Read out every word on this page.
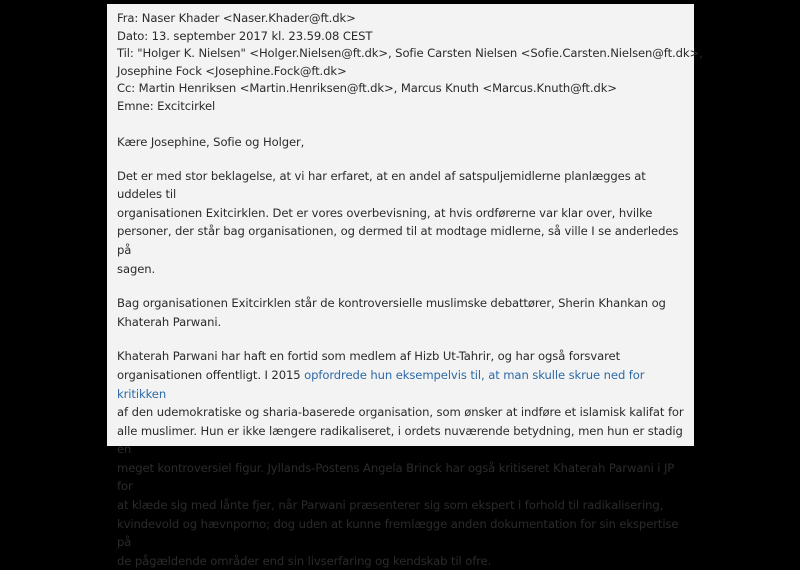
Fra: Naser Khader <Naser.Khader@ft.dk>
Dato: 13. september 2017 kl. 23.59.08 CEST
Til: "Holger K. Nielsen" <Holger.Nielsen@ft.dk>, Sofie Carsten Nielsen <Sofie.Carsten.Nielsen@ft.dk>,
Josephine Fock <Josephine.Fock@ft.dk>
Cc: Martin Henriksen <Martin.Henriksen@ft.dk>, Marcus Knuth <Marcus.Knuth@ft.dk>
Emne: Excitcirkel
Kære Josephine, Sofie og Holger,
Det er med stor beklagelse, at vi har erfaret, at en andel af satspuljemidlerne planlægges at uddeles til
organisationen Exitcirklen. Det er vores overbevisning, at hvis ordførerne var klar over, hvilke
personer, der står bag organisationen, og dermed til at modtage midlerne, så ville I se anderledes på
sagen.
Bag organisationen Exitcirklen står de kontroversielle muslimske debattører, Sherin Khankan og
Khaterah Parwani.
Khaterah Parwani har haft en fortid som medlem af Hizb Ut-Tahrir, og har også forsvaret
organisationen offentligt. I 2015 opfordrede hun eksempelvis til, at man skulle skrue ned for kritikken
af den udemokratiske og sharia-baserede organisation, som ønsker at indføre et islamisk kalifat for
alle muslimer. Hun er ikke længere radikaliseret, i ordets nuværende betydning, men hun er stadig en
meget kontroversiel figur. Jyllands-Postens Angela Brinck har også kritiseret Khaterah Parwani i JP for
at klæde sig med lånte fjer, når Parwani præsenterer sig som ekspert i forhold til radikalisering,
kvindevold og hævnporno; dog uden at kunne fremlægge anden dokumentation for sin ekspertise på
de pågældende områder end sin livserfaring og kendskab til ofre.
